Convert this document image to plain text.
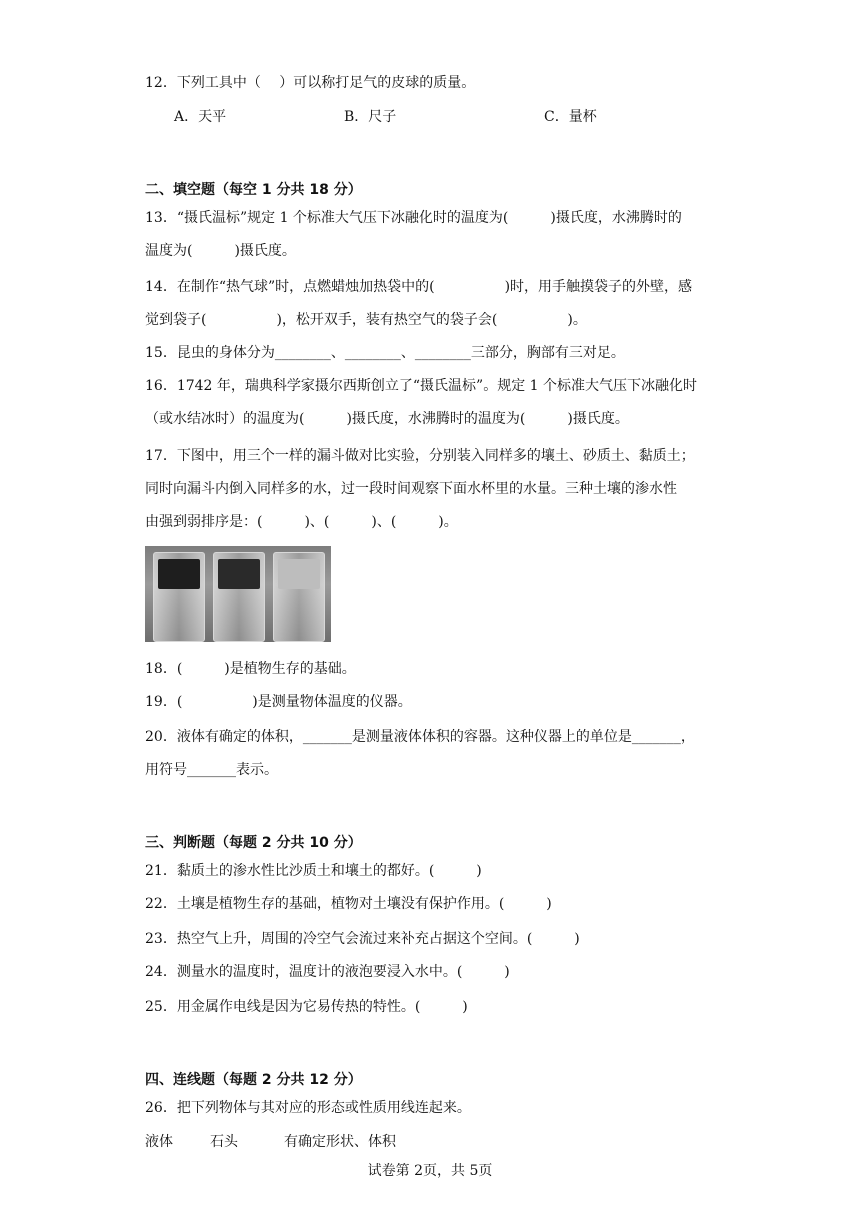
12．下列工具中（　 ）可以称打足气的皮球的质量。
A．天平	B．尺子	C．量杯
二、填空题（每空 1 分共 18 分）
13．“摄氏温标”规定 1 个标准大气压下冰融化时的温度为(　　　)摄氏度，水沸腾时的
温度为(　　　)摄氏度。
14．在制作“热气球”时，点燃蜡烛加热袋中的(　　　　　)时，用手触摸袋子的外壁，感
觉到袋子(　　　　　)，松开双手，装有热空气的袋子会(　　　　　)。
15．昆虫的身体分为________、________、________三部分，胸部有三对足。
16．1742 年，瑞典科学家摄尔西斯创立了“摄氏温标”。规定 1 个标准大气压下冰融化时
（或水结冰时）的温度为(　　　)摄氏度，水沸腾时的温度为(　　　)摄氏度。
17．下图中，用三个一样的漏斗做对比实验，分别装入同样多的壤土、砂质土、黏质土；
同时向漏斗内倒入同样多的水，过一段时间观察下面水杯里的水量。三种土壤的渗水性
由强到弱排序是：(　　　)、(　　　)、(　　　)。
18．(　　　)是植物生存的基础。
19．(　　　　　)是测量物体温度的仪器。
20．液体有确定的体积，_______是测量液体体积的容器。这种仪器上的单位是_______，
用符号_______表示。
三、判断题（每题 2 分共 10 分）
21．黏质土的渗水性比沙质土和壤土的都好。(　　　)
22．土壤是植物生存的基础，植物对土壤没有保护作用。(　　　)
23．热空气上升，周围的冷空气会流过来补充占据这个空间。(　　　)
24．测量水的温度时，温度计的液泡要浸入水中。(　　　)
25．用金属作电线是因为它易传热的特性。(　　　)
四、连线题（每题 2 分共 12 分）
26．把下列物体与其对应的形态或性质用线连起来。
液体	石头	有确定形状、体积
试卷第 2页，共 5页
